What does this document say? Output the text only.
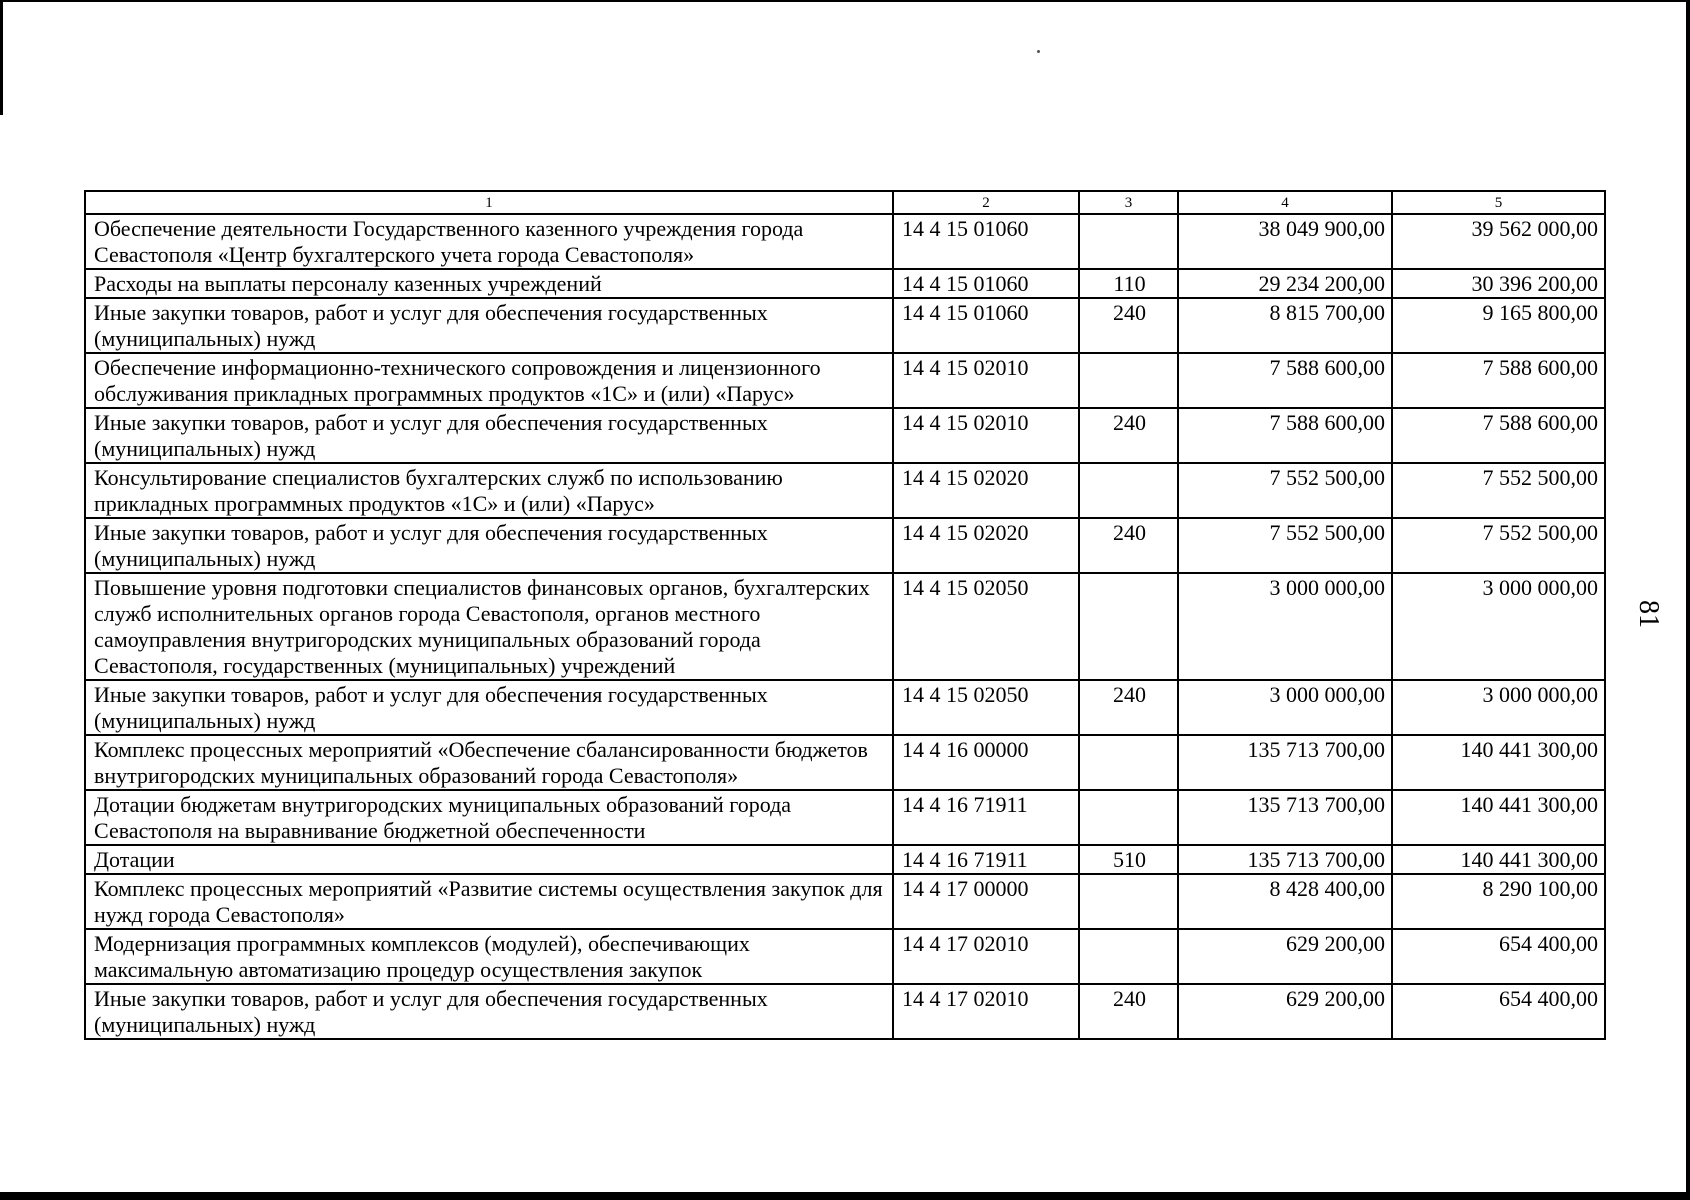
1	2	3	4	5
Обеспечение деятельности Государственного казенного учреждения города Севастополя «Центр бухгалтерского учета города Севастополя»	14 4 15 01060		38 049 900,00	39 562 000,00
Расходы на выплаты персоналу казенных учреждений	14 4 15 01060	110	29 234 200,00	30 396 200,00
Иные закупки товаров, работ и услуг для обеспечения государственных (муниципальных) нужд	14 4 15 01060	240	8 815 700,00	9 165 800,00
Обеспечение информационно-технического сопровождения и лицензионного обслуживания прикладных программных продуктов «1С» и (или) «Парус»	14 4 15 02010		7 588 600,00	7 588 600,00
Иные закупки товаров, работ и услуг для обеспечения государственных (муниципальных) нужд	14 4 15 02010	240	7 588 600,00	7 588 600,00
Консультирование специалистов бухгалтерских служб по использованию прикладных программных продуктов «1С» и (или) «Парус»	14 4 15 02020		7 552 500,00	7 552 500,00
Иные закупки товаров, работ и услуг для обеспечения государственных (муниципальных) нужд	14 4 15 02020	240	7 552 500,00	7 552 500,00
Повышение уровня подготовки специалистов финансовых органов, бухгалтерских служб исполнительных органов города Севастополя, органов местного самоуправления внутригородских муниципальных образований города Севастополя, государственных (муниципальных) учреждений	14 4 15 02050		3 000 000,00	3 000 000,00
Иные закупки товаров, работ и услуг для обеспечения государственных (муниципальных) нужд	14 4 15 02050	240	3 000 000,00	3 000 000,00
Комплекс процессных мероприятий «Обеспечение сбалансированности бюджетов внутригородских муниципальных образований города Севастополя»	14 4 16 00000		135 713 700,00	140 441 300,00
Дотации бюджетам внутригородских муниципальных образований города Севастополя на выравнивание бюджетной обеспеченности	14 4 16 71911		135 713 700,00	140 441 300,00
Дотации	14 4 16 71911	510	135 713 700,00	140 441 300,00
Комплекс процессных мероприятий «Развитие системы осуществления закупок для нужд города Севастополя»	14 4 17 00000		8 428 400,00	8 290 100,00
Модернизация программных комплексов (модулей), обеспечивающих максимальную автоматизацию процедур осуществления закупок	14 4 17 02010		629 200,00	654 400,00
Иные закупки товаров, работ и услуг для обеспечения государственных (муниципальных) нужд	14 4 17 02010	240	629 200,00	654 400,00
81
